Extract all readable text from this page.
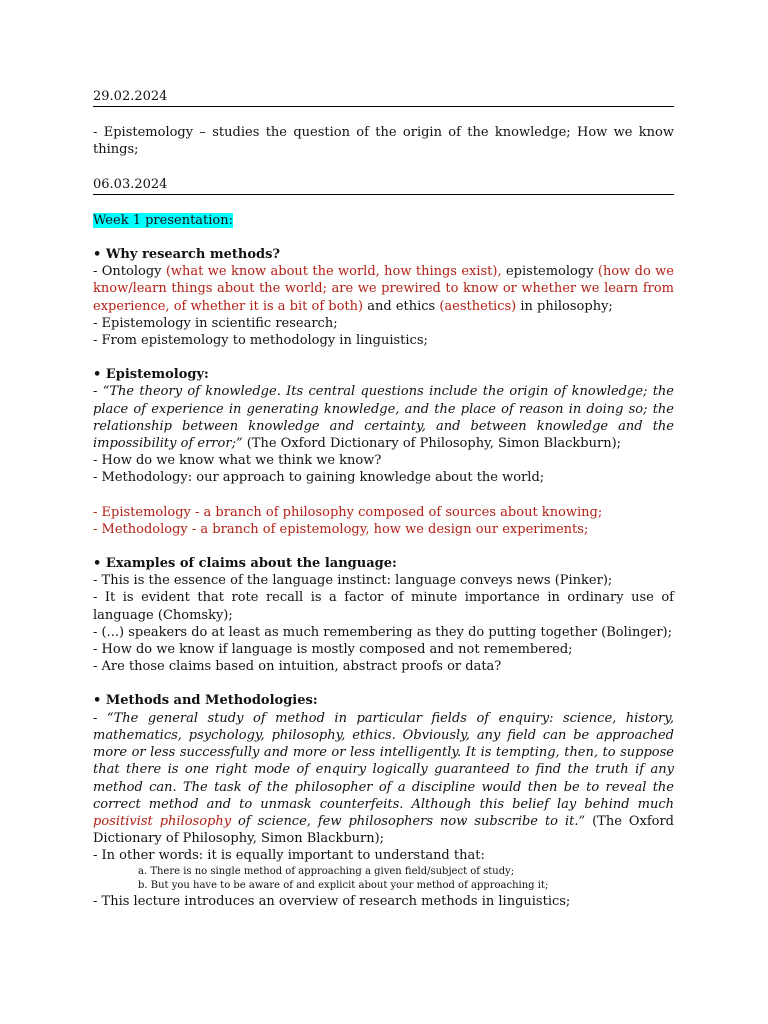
29.02.2024

- Epistemology – studies the question of the origin of the knowledge; How we know things;

06.03.2024

Week 1 presentation:

• Why research methods?

- Ontology (what we know about the world, how things exist), epistemology (how do we know/learn things about the world; are we prewired to know or whether we learn from experience, of whether it is a bit of both) and ethics (aesthetics) in philosophy;

- Epistemology in scientific research;

- From epistemology to methodology in linguistics;

• Epistemology:

- “The theory of knowledge. Its central questions include the origin of knowledge; the place of experience in generating knowledge, and the place of reason in doing so; the relationship between knowledge and certainty, and between knowledge and the impossibility of error;” (The Oxford Dictionary of Philosophy, Simon Blackburn);

- How do we know what we think we know?

- Methodology: our approach to gaining knowledge about the world;

- Epistemology - a branch of philosophy composed of sources about knowing;

- Methodology - a branch of epistemology, how we design our experiments;

• Examples of claims about the language:

- This is the essence of the language instinct: language conveys news (Pinker);

- It is evident that rote recall is a factor of minute importance in ordinary use of language (Chomsky);

- (...) speakers do at least as much remembering as they do putting together (Bolinger);

- How do we know if language is mostly composed and not remembered;

- Are those claims based on intuition, abstract proofs or data?

• Methods and Methodologies:

- “The general study of method in particular fields of enquiry: science, history, mathematics, psychology, philosophy, ethics. Obviously, any field can be approached more or less successfully and more or less intelligently. It is tempting, then, to suppose that there is one right mode of enquiry logically guaranteed to find the truth if any method can. The task of the philosopher of a discipline would then be to reveal the correct method and to unmask counterfeits. Although this belief lay behind much positivist philosophy of science, few philosophers now subscribe to it.” (The Oxford Dictionary of Philosophy, Simon Blackburn);

- In other words: it is equally important to understand that:

a. There is no single method of approaching a given field/subject of study;

b. But you have to be aware of and explicit about your method of approaching it;

- This lecture introduces an overview of research methods in linguistics;
